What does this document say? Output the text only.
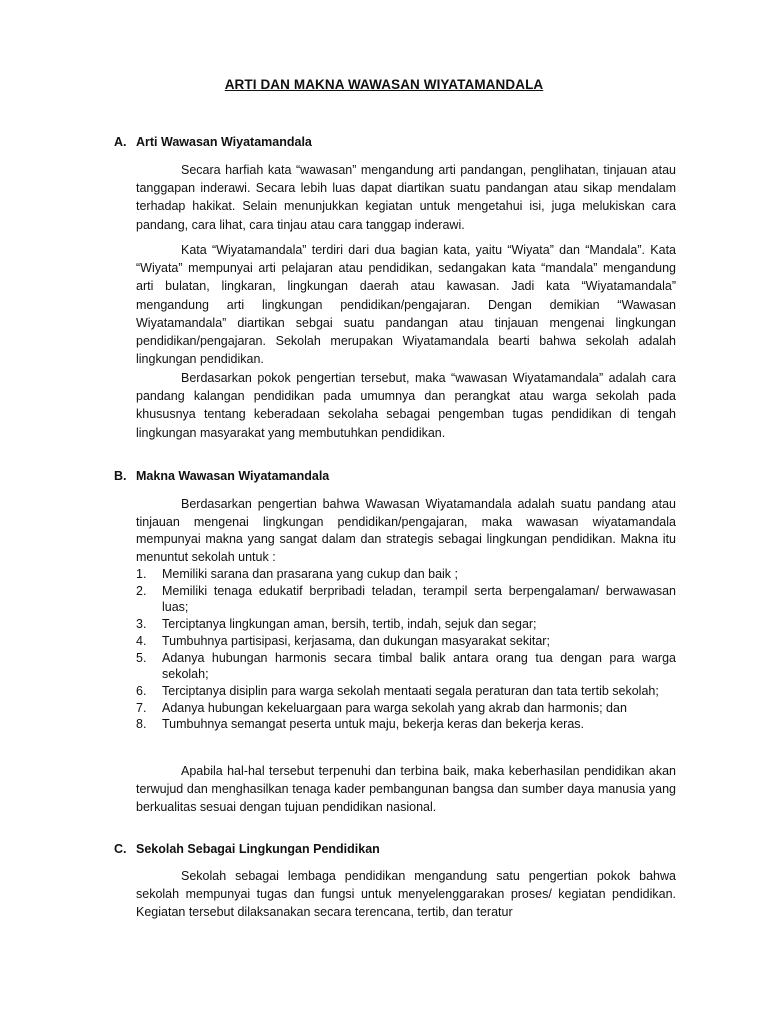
ARTI DAN MAKNA WAWASAN WIYATAMANDALA
A. Arti Wawasan Wiyatamandala

Secara harfiah kata “wawasan” mengandung arti pandangan, penglihatan, tinjauan atau tanggapan inderawi. Secara lebih luas dapat diartikan suatu pandangan atau sikap mendalam terhadap hakikat. Selain menunjukkan kegiatan untuk mengetahui isi, juga melukiskan cara pandang, cara lihat, cara tinjau atau cara tanggap inderawi.

Kata “Wiyatamandala” terdiri dari dua bagian kata, yaitu “Wiyata” dan “Mandala”. Kata “Wiyata” mempunyai arti pelajaran atau pendidikan, sedangakan kata “mandala” mengandung arti bulatan, lingkaran, lingkungan daerah atau kawasan. Jadi kata “Wiyatamandala” mengandung arti lingkungan pendidikan/pengajaran. Dengan demikian “Wawasan Wiyatamandala” diartikan sebgai suatu pandangan atau tinjauan mengenai lingkungan pendidikan/pengajaran. Sekolah merupakan Wiyatamandala bearti bahwa sekolah adalah lingkungan pendidikan.

Berdasarkan pokok pengertian tersebut, maka “wawasan Wiyatamandala” adalah cara pandang kalangan pendidikan pada umumnya dan perangkat atau warga sekolah pada khususnya tentang keberadaan sekolaha sebagai pengemban tugas pendidikan di tengah lingkungan masyarakat yang membutuhkan pendidikan.

B. Makna Wawasan Wiyatamandala

Berdasarkan pengertian bahwa Wawasan Wiyatamandala adalah suatu pandang atau tinjauan mengenai lingkungan pendidikan/pengajaran, maka wawasan wiyatamandala mempunyai makna yang sangat dalam dan strategis sebagai lingkungan pendidikan. Makna itu menuntut sekolah untuk :

1.	Memiliki sarana dan prasarana yang cukup dan baik ;
2.	Memiliki tenaga edukatif berpribadi teladan, terampil serta berpengalaman/ berwawasan luas;
3.	Terciptanya lingkungan aman, bersih, tertib, indah, sejuk dan segar;
4.	Tumbuhnya partisipasi, kerjasama, dan dukungan masyarakat sekitar;
5.	Adanya hubungan harmonis secara timbal balik antara orang tua dengan para warga sekolah;
6.	Terciptanya disiplin para warga sekolah mentaati segala peraturan dan tata tertib sekolah;
7.	Adanya hubungan kekeluargaan para warga sekolah yang akrab dan harmonis; dan
8.	Tumbuhnya semangat peserta untuk maju, bekerja keras dan bekerja keras.

Apabila hal-hal tersebut terpenuhi dan terbina baik, maka keberhasilan pendidikan akan terwujud dan menghasilkan tenaga kader pembangunan bangsa dan sumber daya manusia yang berkualitas sesuai dengan tujuan pendidikan nasional.

C. Sekolah Sebagai Lingkungan Pendidikan

Sekolah sebagai lembaga pendidikan mengandung satu pengertian pokok bahwa sekolah mempunyai tugas dan fungsi untuk menyelenggarakan proses/ kegiatan pendidikan. Kegiatan tersebut dilaksanakan secara terencana, tertib, dan teratur
